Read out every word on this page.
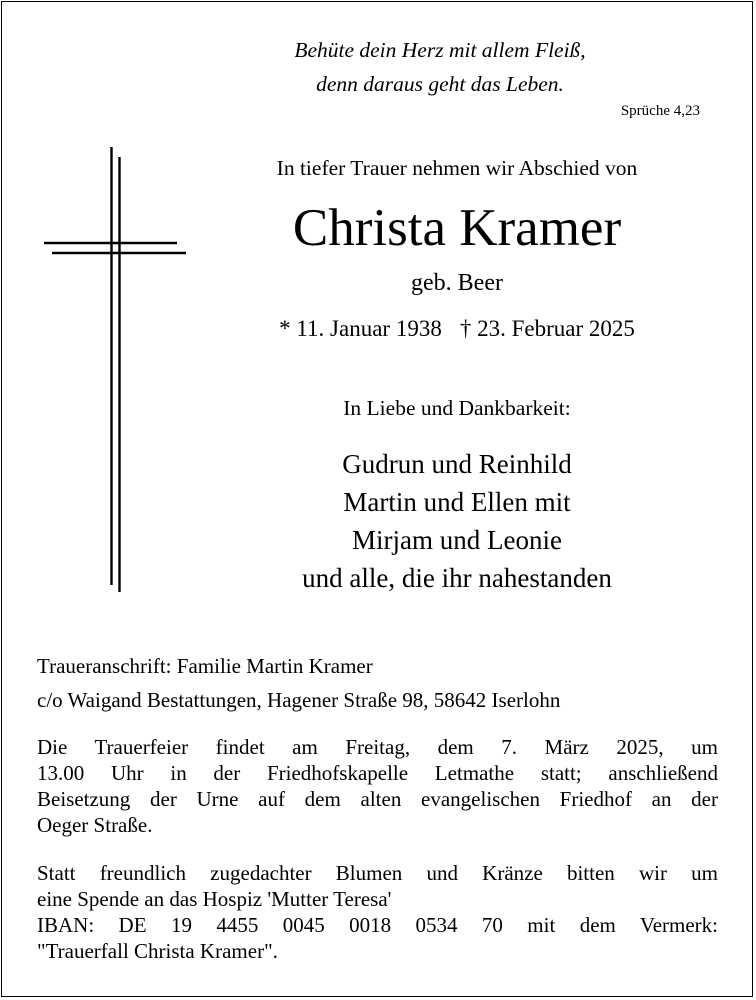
Behüte dein Herz mit allem Fleiß,
denn daraus geht das Leben.
Sprüche 4,23
In tiefer Trauer nehmen wir Abschied von
Christa Kramer
geb. Beer
* 11. Januar 1938 † 23. Februar 2025
In Liebe und Dankbarkeit:
Gudrun und Reinhild
Martin und Ellen mit
Mirjam und Leonie
und alle, die ihr nahestanden
Traueranschrift: Familie Martin Kramer
c/o Waigand Bestattungen, Hagener Straße 98, 58642 Iserlohn
Die Trauerfeier findet am Freitag, dem 7. März 2025, um
13.00 Uhr in der Friedhofskapelle Letmathe statt; anschließend
Beisetzung der Urne auf dem alten evangelischen Friedhof an der
Oeger Straße.
Statt freundlich zugedachter Blumen und Kränze bitten wir um
eine Spende an das Hospiz 'Mutter Teresa'
IBAN: DE 19 4455 0045 0018 0534 70 mit dem Vermerk:
"Trauerfall Christa Kramer".
